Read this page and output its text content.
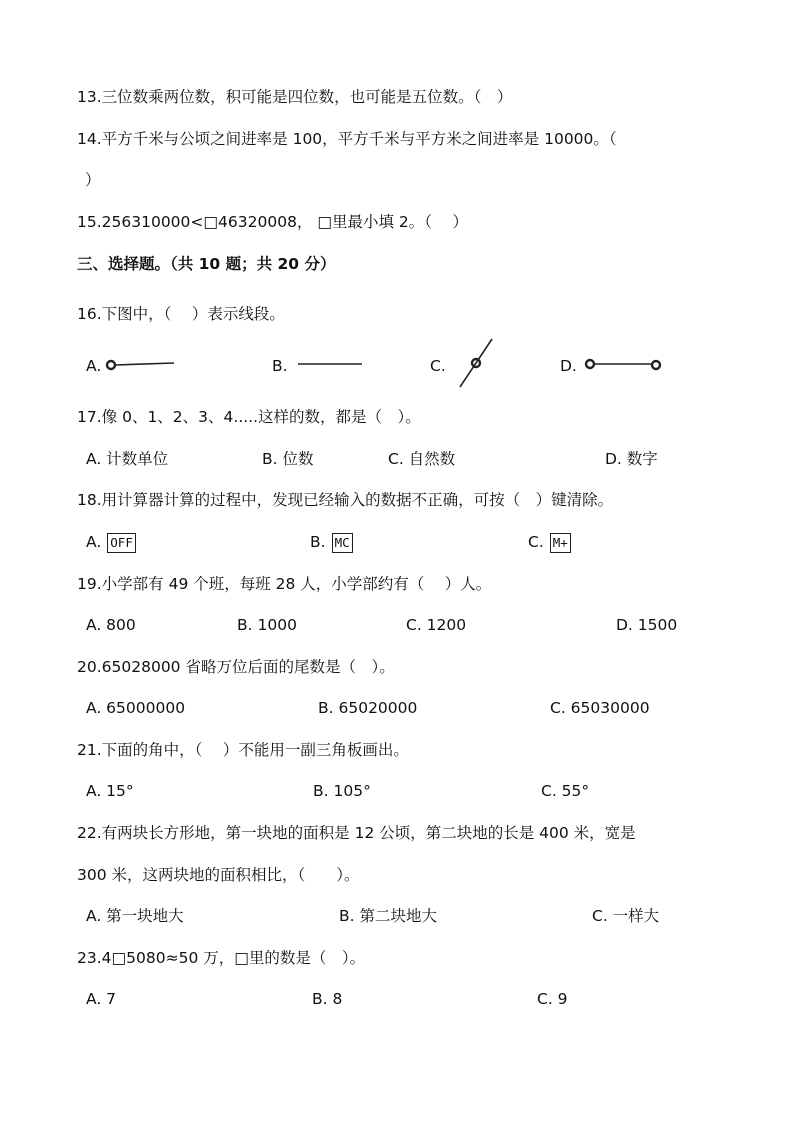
13.三位数乘两位数，积可能是四位数，也可能是五位数。（　）
14.平方千米与公顷之间进率是 100，平方千米与平方米之间进率是 10000。（
）
15.256310000<□46320008， □里最小填 2。（　 ）
三、选择题。（共 10 题；共 20 分）
16.下图中，（　 ）表示线段。
A.	B.	C.	D.
17.像 0、1、2、3、4.....这样的数，都是（　）。
A. 计数单位	B. 位数	C. 自然数	D. 数字
18.用计算器计算的过程中，发现已经输入的数据不正确，可按（　）键清除。
A. OFF	B. MC	C. M+
19.小学部有 49 个班，每班 28 人，小学部约有（　 ）人。
A. 800	B. 1000	C. 1200	D. 1500
20.65028000 省略万位后面的尾数是（　）。
A. 65000000	B. 65020000	C. 65030000
21.下面的角中，（　 ）不能用一副三角板画出。
A. 15°	B. 105°	C. 55°
22.有两块长方形地，第一块地的面积是 12 公顷，第二块地的长是 400 米，宽是
300 米，这两块地的面积相比，（　　）。
A. 第一块地大	B. 第二块地大	C. 一样大
23.4□5080≈50 万，□里的数是（　）。
A. 7	B. 8	C. 9
